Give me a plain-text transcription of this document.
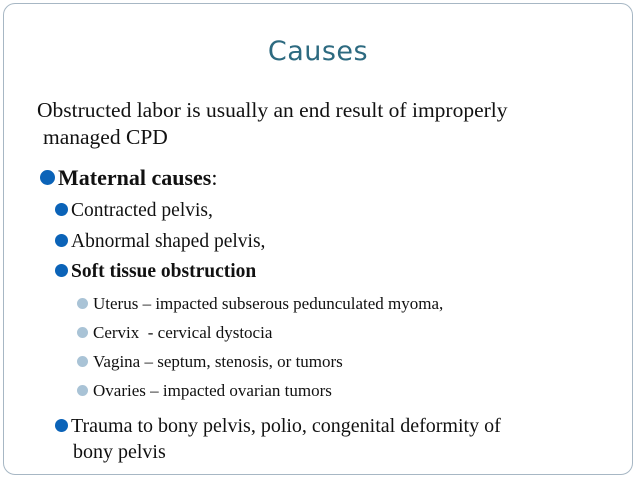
Causes
Obstructed labor is usually an end result of improperly
managed CPD
Maternal causes:
Contracted pelvis,
Abnormal shaped pelvis,
Soft tissue obstruction
Uterus – impacted subserous pedunculated myoma,
Cervix  - cervical dystocia
Vagina – septum, stenosis, or tumors
Ovaries – impacted ovarian tumors
Trauma to bony pelvis, polio, congenital deformity of
bony pelvis
